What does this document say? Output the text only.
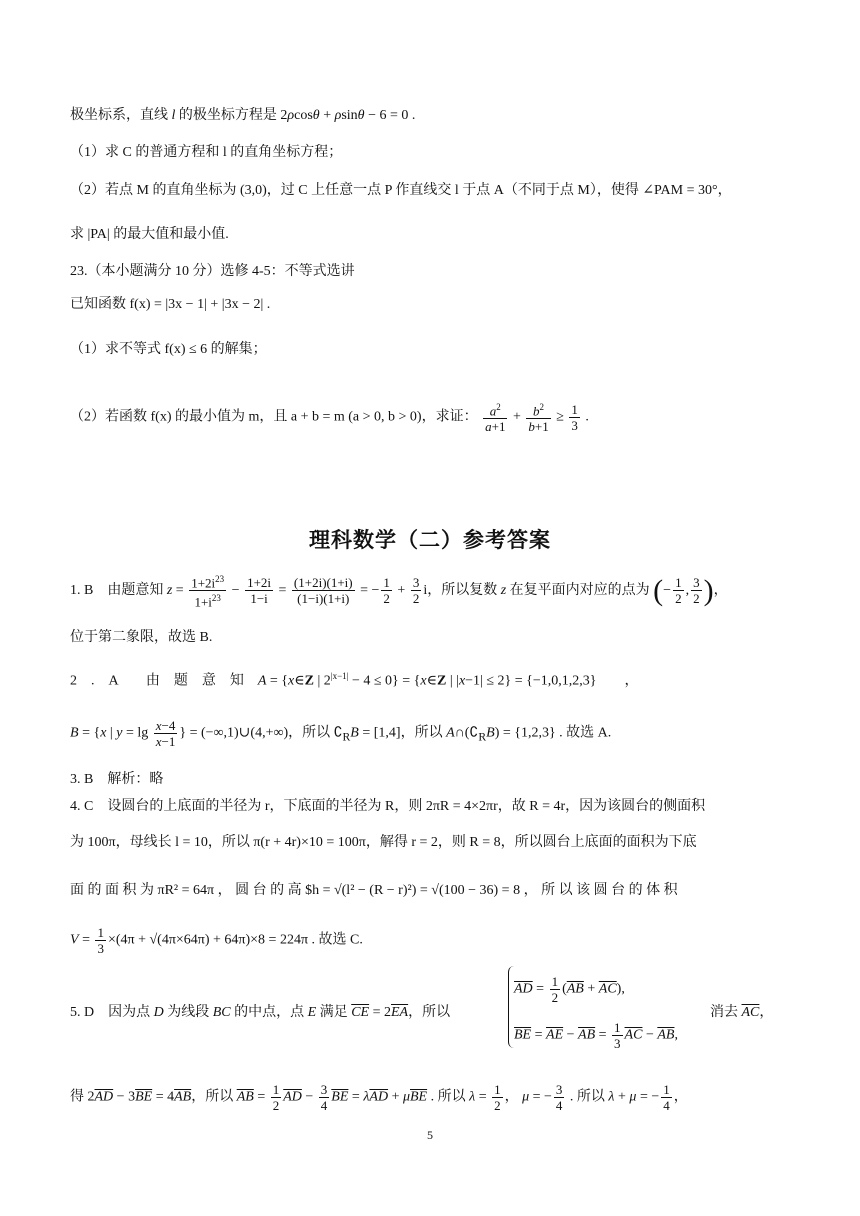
极坐标系，直线 l 的极坐标方程是 2ρcosθ + ρsinθ − 6 = 0 .
（1）求 C 的普通方程和 l 的直角坐标方程；
（2）若点 M 的直角坐标为 (3,0)，过 C 上任意一点 P 作直线交 l 于点 A（不同于点 M），使得 ∠PAM = 30°，
求 |PA| 的最大值和最小值.
23.（本小题满分 10 分）选修 4-5：不等式选讲
已知函数 f(x) = |3x − 1| + |3x − 2| .
（1）求不等式 f(x) ≤ 6 的解集；
（2）若函数 f(x) 的最小值为 m，且 a + b = m (a > 0, b > 0)，求证： $\frac{a^2}{a+1} + \frac{b^2}{b+1} \ge \frac{1}{3}$ .
理科数学（二）参考答案
1. B　由题意知 $z = \frac{1+2i^{23}}{1+i^{23}} - \frac{1+2i}{1-i} = \frac{(1+2i)(1+i)}{(1-i)(1+i)}$ = − $\frac{1}{2} + \frac{3}{2}$ i，所以复数 z 在复平面内对应的点为 (− $\frac{1}{2}$ , $\frac{3}{2}$ )，
位于第二象限，故选 B.
2　.　A　　由　题　意　知　A = {x∈Z | $2^{|x-1|} - 4 \le 0$} = {x∈Z | |x−1| ≤ 2} = {−1,0,1,2,3}　　，
B = {x | $y = \lg \frac{x-4}{x-1}$ } = (−∞,1)∪(4,+∞)，所以 $∁_RB = [1,4]$，所以 $A\cap(∁_RB) = \{1,2,3\}$ . 故选 A.
3. B　解析：略
4. C　设圆台的上底面的半径为 r，下底面的半径为 R，则 2πR = 4×2πr，故 R = 4r，因为该圆台的侧面积
为 100π，母线长 l = 10，所以 π(r + 4r)×10 = 100π，解得 r = 2，则 R = 8，所以圆台上底面的面积为下底
面 的 面 积 为 πR² = 64π ， 圆 台 的 高 $h = √(l² − (R − r)²) = √(100 − 36) = 8 ， 所 以 该 圆 台 的 体 积
$V = \frac{1}{3} \times(4\pi + √(4\pi\times 64\pi) + 64\pi)\times 8 = 224\pi$ . 故选 C.
5. D　因为点 D 为线段 BC 的中点，点 E 满足 $\overline{CE} = 2\overline{EA}$，所以
$\overline{AD} = \frac{1}{2} (\overline{AB} + \overline{AC})$,
$\overline{BE} = \overline{AE} - \overline{AB} = \frac{1}{3} \overline{AC} - \overline{AB}$,
消去 $\overline{AC}$，
得 $2\overline{AD} - 3\overline{BE} = 4\overline{AB}$，所以 $\overline{AB} = \frac{1}{2} \overline{AD} - \frac{3}{4} \overline{BE} = \lambda\overline{AD} + \mu\overline{BE}$ . 所以 $\lambda = \frac{1}{2}$ ， μ = − $\frac{3}{4}$ . 所以 λ + μ = − $\frac{1}{4}$ ，
5
